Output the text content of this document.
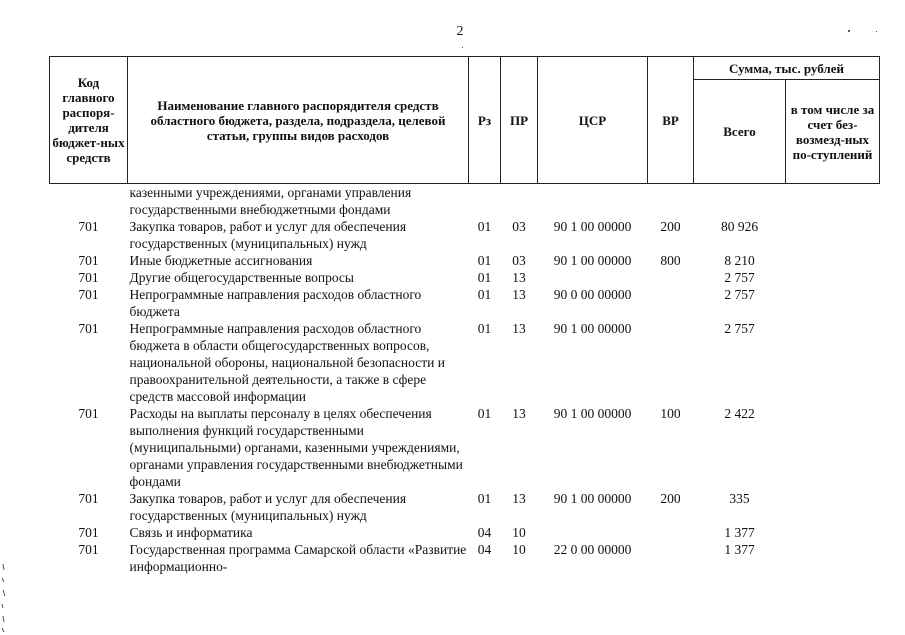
2
Код главного распоря-дителя бюджет-ных средств	Наименование главного распорядителя средств областного бюджета, раздела, подраздела, целевой статьи, группы видов расходов	Рз	ПР	ЦСР	ВР	Сумма, тыс. рублей	
						Всего	в том числе за счет без-возмезд-ных по-ступлений
	казенными учреждениями, органами управления государственными внебюджетными фондами						
701	Закупка товаров, работ и услуг для обеспечения государственных (муниципальных) нужд	01	03	90 1 00 00000	200	80 926	
701	Иные бюджетные ассигнования	01	03	90 1 00 00000	800	8 210	
701	Другие общегосударственные вопросы	01	13			2 757	
701	Непрограммные направления расходов областного бюджета	01	13	90 0 00 00000		2 757	
701	Непрограммные направления расходов областного бюджета в области общегосударственных вопросов, национальной обороны, национальной безопасности и правоохранительной деятельности, а также в сфере средств массовой информации	01	13	90 1 00 00000		2 757	
701	Расходы на выплаты персоналу в целях обеспечения выполнения функций государственными (муниципальными) органами, казенными учреждениями, органами управления государственными внебюджетными фондами	01	13	90 1 00 00000	100	2 422	
701	Закупка товаров, работ и услуг для обеспечения государственных (муниципальных) нужд	01	13	90 1 00 00000	200	335	
701	Связь и информатика	04	10			1 377	
701	Государственная программа Самарской области «Развитие информационно-	04	10	22 0 00 00000		1 377	
